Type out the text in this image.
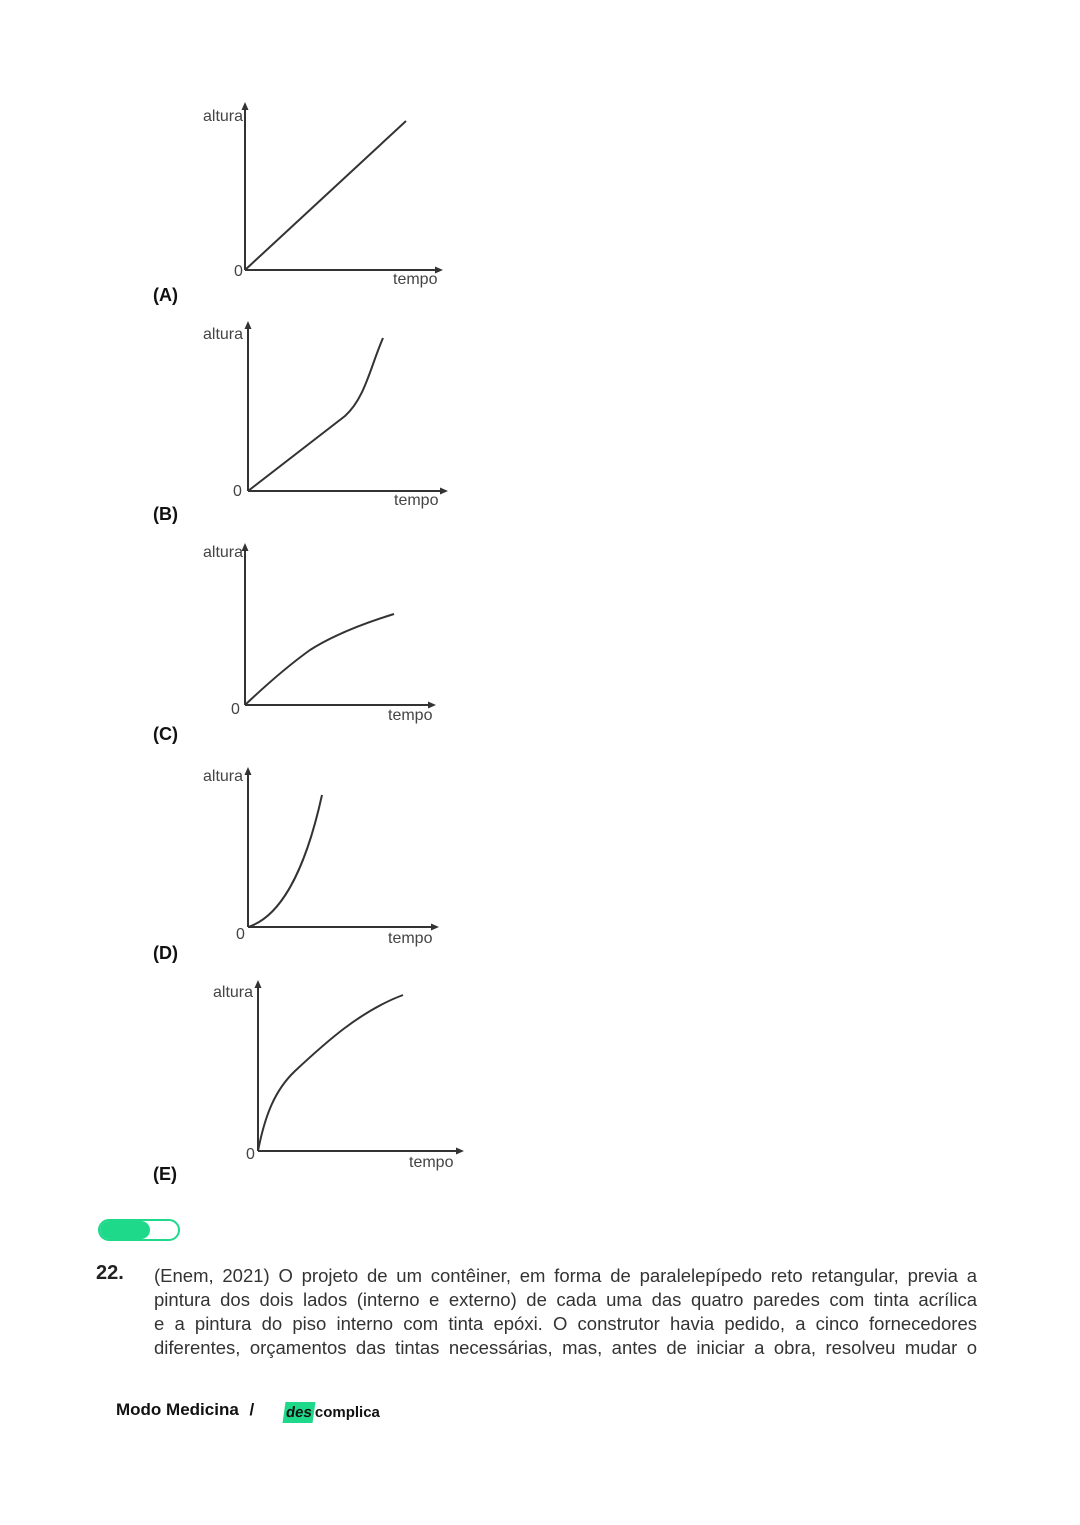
altura
0	tempo
(A)
altura
0
tempo
(B)
altura
0	tempo
(C)
altura
0	tempo
(D)
altura
0	tempo
(E)
22. (Enem, 2021) O projeto de um contêiner, em forma de paralelepípedo reto retangular, previa a
pintura dos dois lados (interno e externo) de cada uma das quatro paredes com tinta acrílica
e a pintura do piso interno com tinta epóxi. O construtor havia pedido, a cinco fornecedores
diferentes, orçamentos das tintas necessárias, mas, antes de iniciar a obra, resolveu mudar o
Modo Medicina / des complica
